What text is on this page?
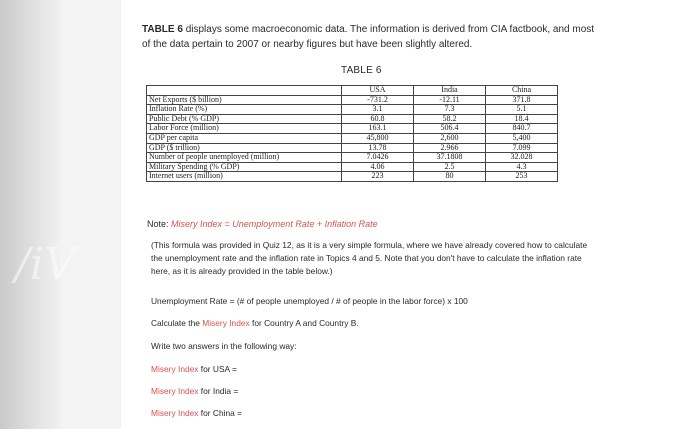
/iV
TABLE 6 displays some macroeconomic data. The information is derived from CIA factbook, and most of the data pertain to 2007 or nearby figures but have been slightly altered.
TABLE 6
	USA	India	China
Net Exports ($ billion)	-731.2	-12.11	371.8
Inflation Rate (%)	3.1	7.3	5.1
Public Debt (% GDP)	60.8	58.2	18.4
Labor Force (million)	163.1	506.4	840.7
GDP per capita	45,800	2,600	5,400
GDP ($ trillion)	13.78	2.966	7.099
Number of people unemployed (million)	7.0426	37.1808	32.028
Military Spending (% GDP)	4.06	2.5	4.3
Internet users (million)	223	80	253
Note: Misery Index = Unemployment Rate + Inflation Rate
(This formula was provided in Quiz 12, as it is a very simple formula, where we have already covered how to calculate the unemployment rate and the inflation rate in Topics 4 and 5. Note that you don't have to calculate the inflation rate here, as it is already provided in the table below.)
Unemployment Rate = (# of people unemployed / # of people in the labor force) x 100
Calculate the Misery Index for Country A and Country B.
Write two answers in the following way:
Misery Index for USA =
Misery Index for India =
Misery Index for China =
